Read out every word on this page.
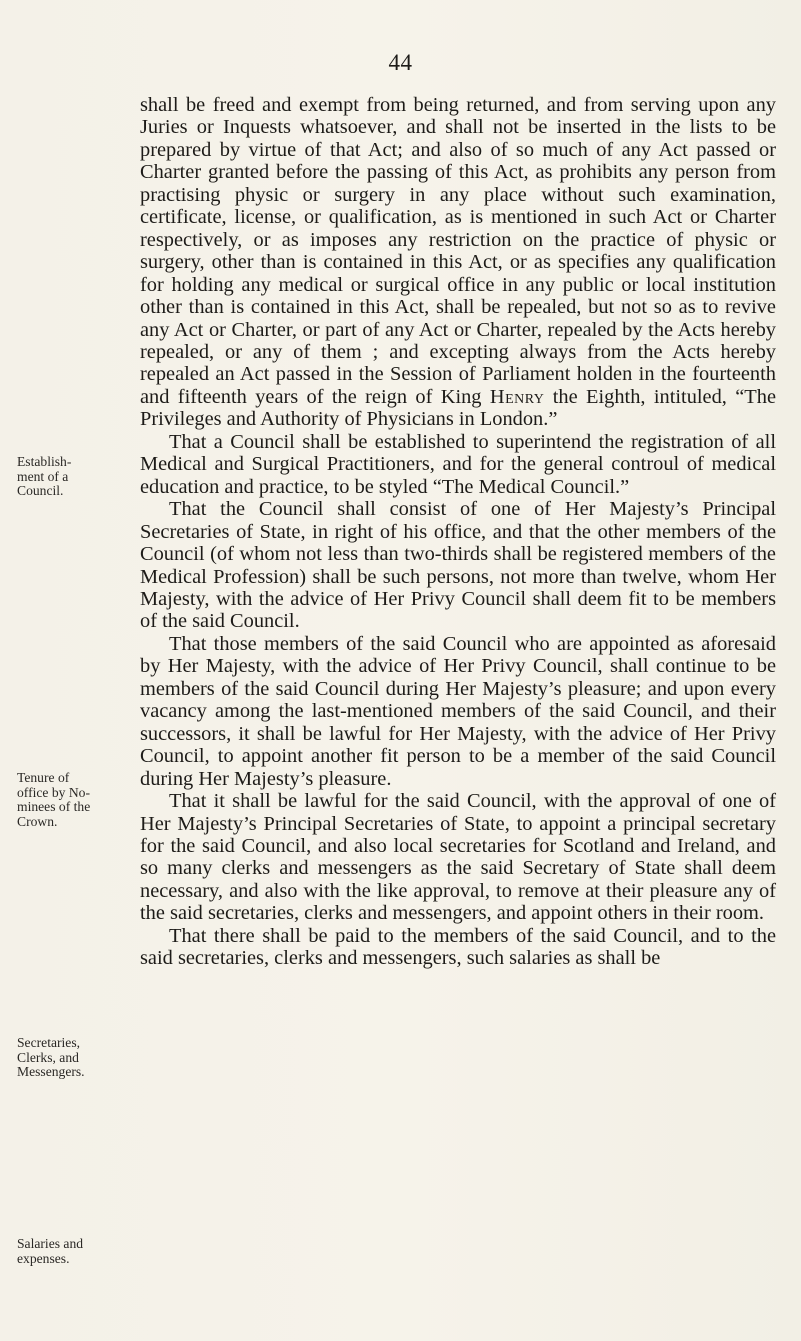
44

shall be freed and exempt from being returned, and from serving upon any Juries or Inquests whatsoever, and shall not be inserted in the lists to be prepared by virtue of that Act; and also of so much of any Act passed or Charter granted before the passing of this Act, as prohibits any person from practising physic or surgery in any place without such examination, certificate, license, or qualification, as is mentioned in such Act or Charter respectively, or as imposes any restriction on the practice of physic or surgery, other than is contained in this Act, or as specifies any qualification for holding any medical or surgical office in any public or local institution other than is contained in this Act, shall be repealed, but not so as to revive any Act or Charter, or part of any Act or Charter, repealed by the Acts hereby repealed, or any of them ; and excepting always from the Acts hereby repealed an Act passed in the Session of Parliament holden in the fourteenth and fifteenth years of the reign of King Henry the Eighth, intituled, “The Privileges and Authority of Physicians in London.”

That a Council shall be established to superintend the registration of all Medical and Surgical Practitioners, and for the general controul of medical education and practice, to be styled “The Medical Council.”

That the Council shall consist of one of Her Majesty’s Principal Secretaries of State, in right of his office, and that the other members of the Council (of whom not less than two-thirds shall be registered members of the Medical Profession) shall be such persons, not more than twelve, whom Her Majesty, with the advice of Her Privy Council shall deem fit to be members of the said Council.

That those members of the said Council who are appointed as aforesaid by Her Majesty, with the advice of Her Privy Council, shall continue to be members of the said Council during Her Majesty’s pleasure; and upon every vacancy among the last-mentioned members of the said Council, and their successors, it shall be lawful for Her Majesty, with the advice of Her Privy Council, to appoint another fit person to be a member of the said Council during Her Majesty’s pleasure.

That it shall be lawful for the said Council, with the approval of one of Her Majesty’s Principal Secretaries of State, to appoint a principal secretary for the said Council, and also local secretaries for Scotland and Ireland, and so many clerks and messengers as the said Secretary of State shall deem necessary, and also with the like approval, to remove at their pleasure any of the said secretaries, clerks and messengers, and appoint others in their room.

That there shall be paid to the members of the said Council, and to the said secretaries, clerks and messengers, such salaries as shall be

Establish-
ment of a
Council.
Tenure of
office by No-
minees of the
Crown.
Secretaries,
Clerks, and
Messengers.
Salaries and
expenses.
